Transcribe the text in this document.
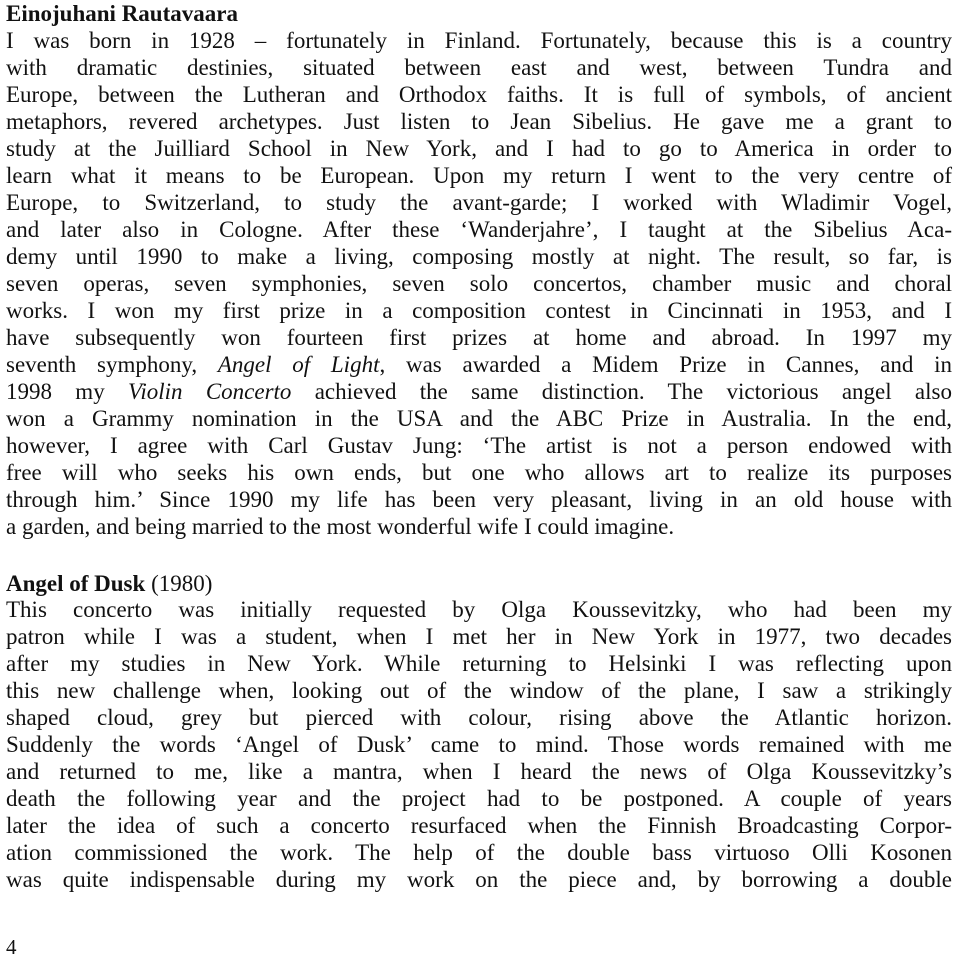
Einojuhani Rautavaara
I was born in 1928 – fortunately in Finland. Fortunately, because this is a country
with dramatic destinies, situated between east and west, between Tundra and
Europe, between the Lutheran and Orthodox faiths. It is full of symbols, of ancient
metaphors, revered archetypes. Just listen to Jean Sibelius. He gave me a grant to
study at the Juilliard School in New York, and I had to go to America in order to
learn what it means to be European. Upon my return I went to the very centre of
Europe, to Switzerland, to study the avant-garde; I worked with Wladimir Vogel,
and later also in Cologne. After these ‘Wanderjahre’, I taught at the Sibelius Aca-
demy until 1990 to make a living, composing mostly at night. The result, so far, is
seven operas, seven symphonies, seven solo concertos, chamber music and choral
works. I won my first prize in a composition contest in Cincinnati in 1953, and I
have subsequently won fourteen first prizes at home and abroad. In 1997 my
seventh symphony, Angel of Light, was awarded a Midem Prize in Cannes, and in
1998 my Violin Concerto achieved the same distinction. The victorious angel also
won a Grammy nomination in the USA and the ABC Prize in Australia. In the end,
however, I agree with Carl Gustav Jung: ‘The artist is not a person endowed with
free will who seeks his own ends, but one who allows art to realize its purposes
through him.’ Since 1990 my life has been very pleasant, living in an old house with
a garden, and being married to the most wonderful wife I could imagine.
Angel of Dusk (1980)
This concerto was initially requested by Olga Koussevitzky, who had been my
patron while I was a student, when I met her in New York in 1977, two decades
after my studies in New York. While returning to Helsinki I was reflecting upon
this new challenge when, looking out of the window of the plane, I saw a strikingly
shaped cloud, grey but pierced with colour, rising above the Atlantic horizon.
Suddenly the words ‘Angel of Dusk’ came to mind. Those words remained with me
and returned to me, like a mantra, when I heard the news of Olga Koussevitzky’s
death the following year and the project had to be postponed. A couple of years
later the idea of such a concerto resurfaced when the Finnish Broadcasting Corpor-
ation commissioned the work. The help of the double bass virtuoso Olli Kosonen
was quite indispensable during my work on the piece and, by borrowing a double
4
